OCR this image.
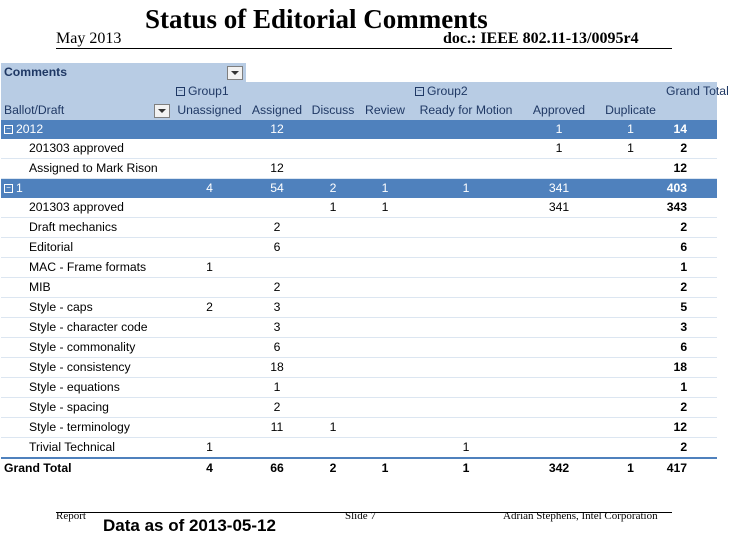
May 2013
Status of Editorial Comments
doc.: IEEE 802.11-13/0095r4
Comments								
	− Group1				− Group2			Grand Total
Ballot/Draft	Unassigned	Assigned	Discuss	Review	Ready for Motion	Approved	Duplicate	
− 2012		12				1	1	14
201303 approved						1	1	2
Assigned to Mark Rison		12						12
− 1	4	54	2	1	1	341		403
201303 approved			1	1		341		343
Draft mechanics		2						2
Editorial		6						6
MAC - Frame formats	1							1
MIB		2						2
Style - caps	2	3						5
Style - character code		3						3
Style - commonality		6						6
Style - consistency		18						18
Style - equations		1						1
Style - spacing		2						2
Style - terminology		11	1					12
Trivial Technical	1				1			2
Grand Total	4	66	2	1	1	342	1	417
Report Data as of 2013-05-12	Slide 7	Adrian Stephens, Intel Corporation
